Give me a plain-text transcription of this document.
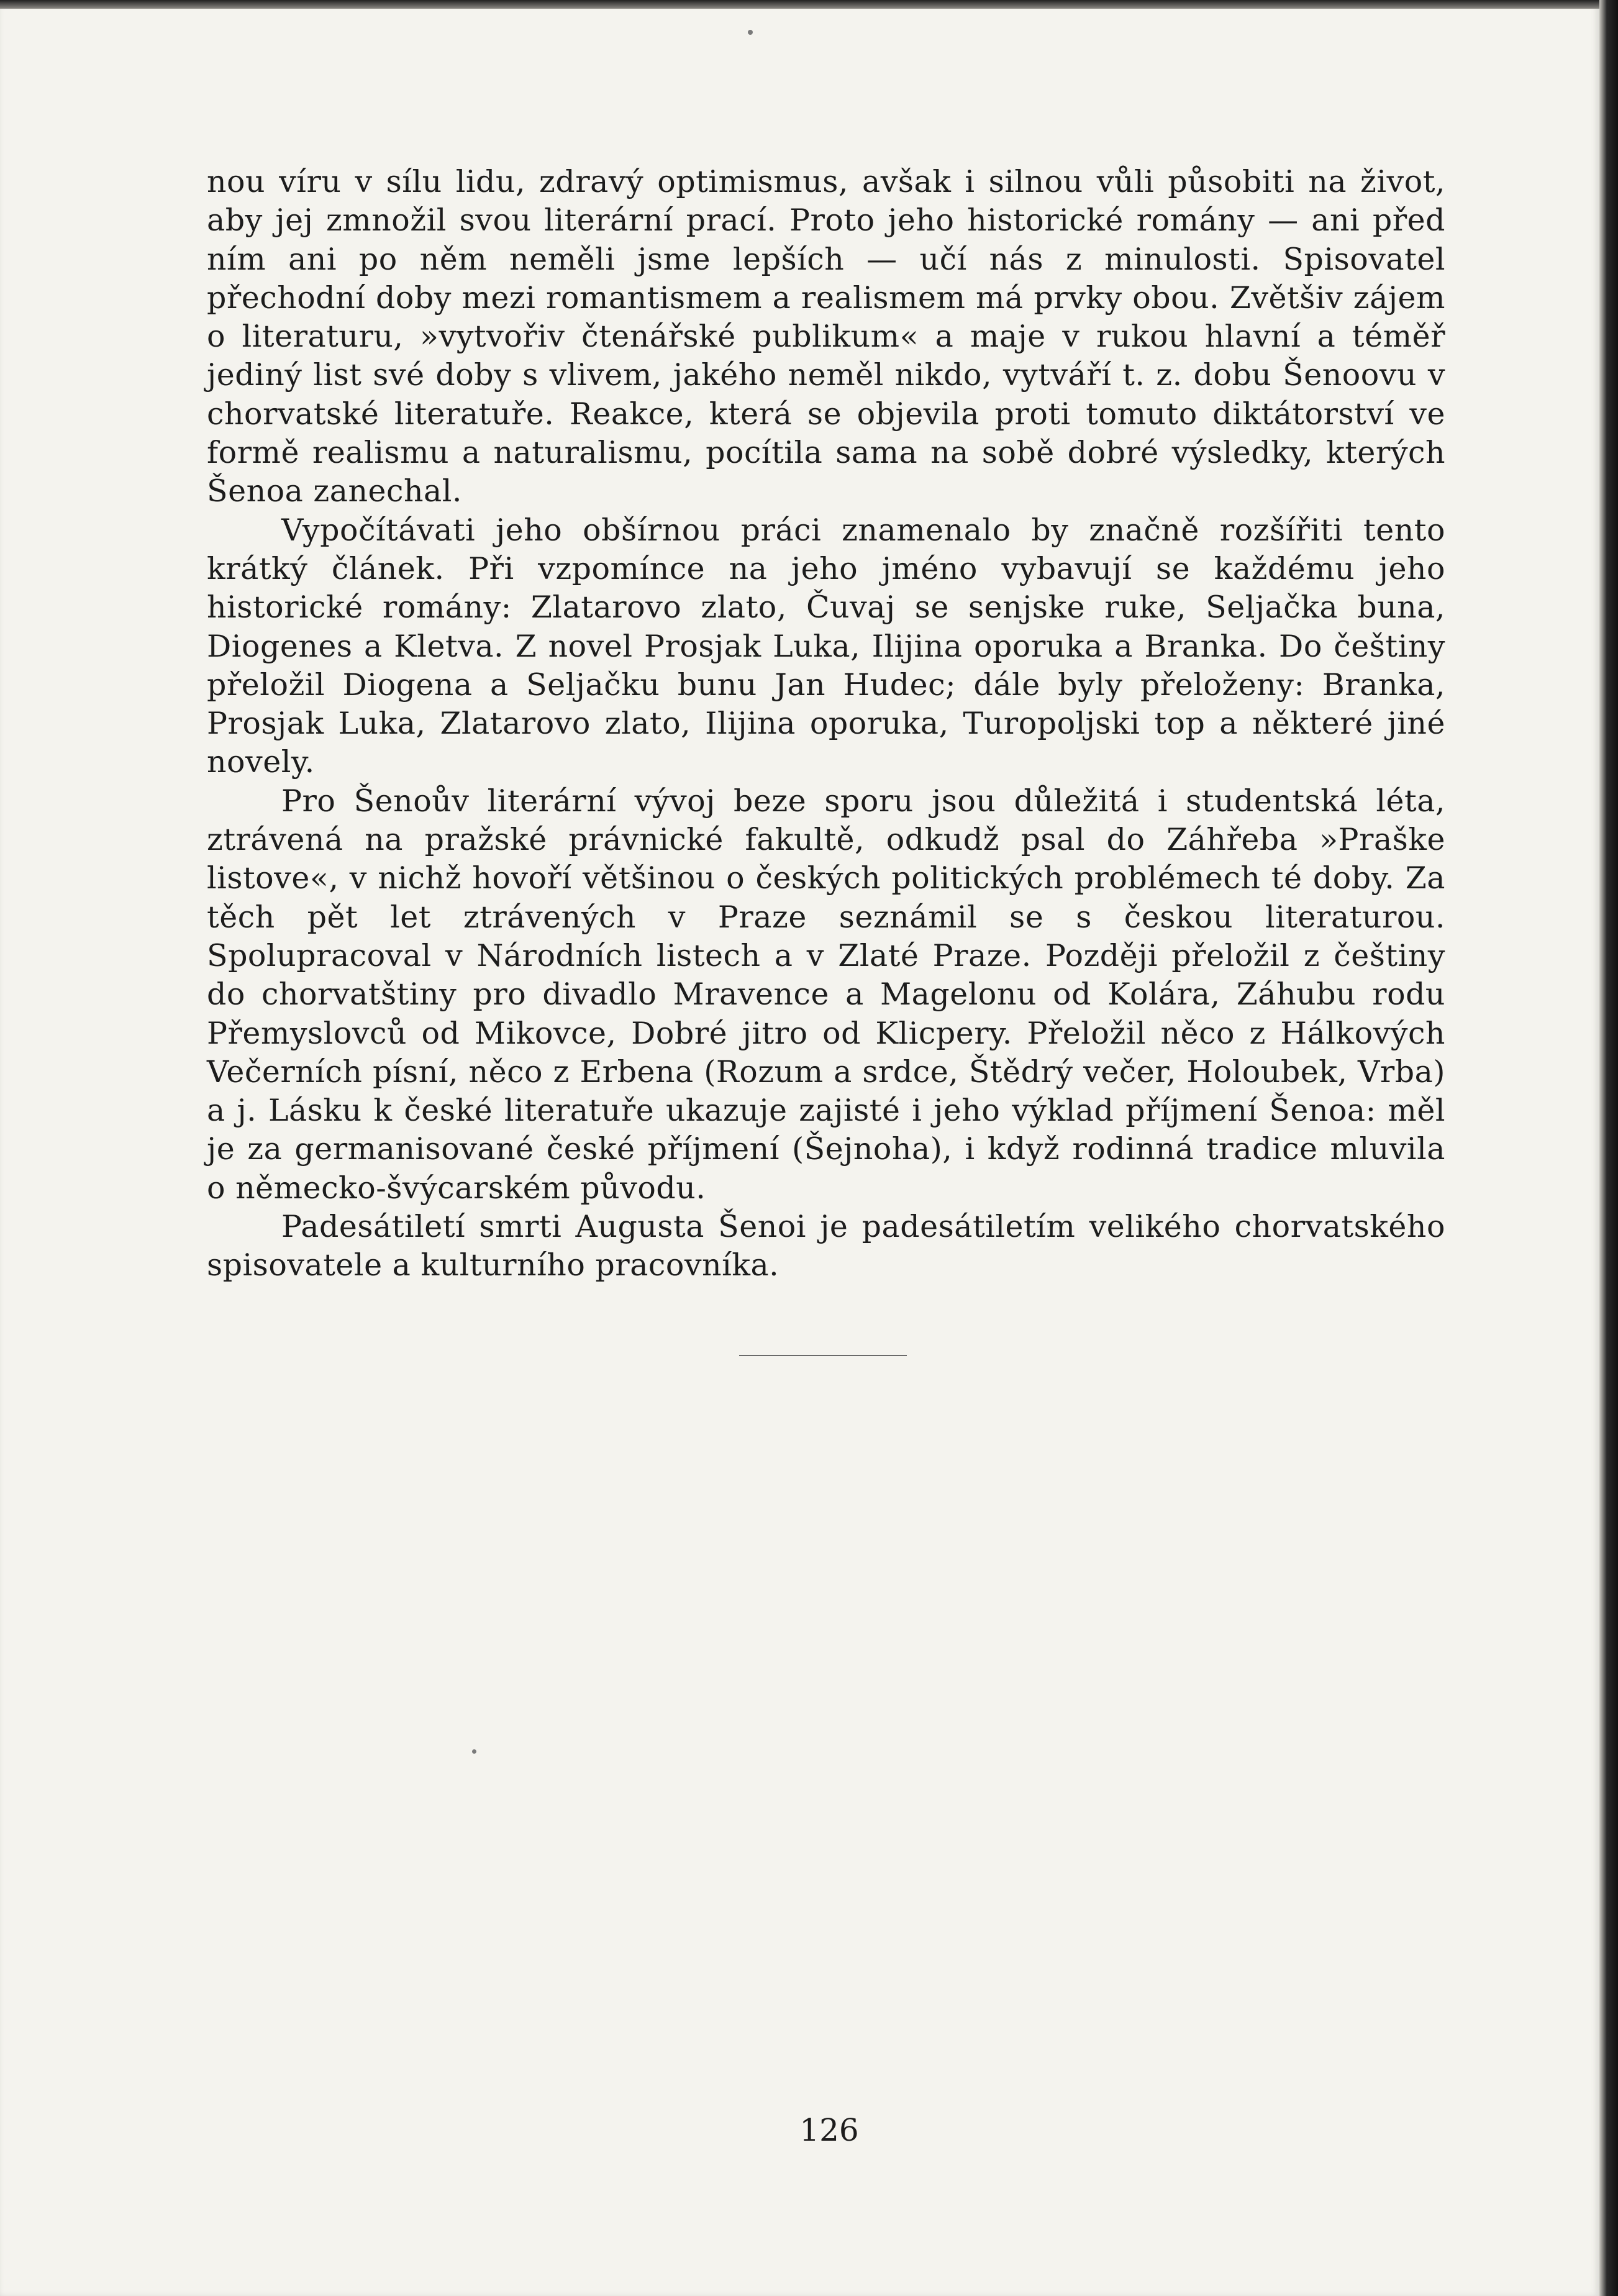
nou víru v sílu lidu, zdravý optimismus, avšak i silnou vůli působiti na život, aby jej zmnožil svou literární prací. Proto jeho historické romány — ani před ním ani po něm neměli jsme lepších — učí nás z minulosti. Spisovatel přechodní doby mezi romantismem a realismem má prvky obou. Zvětšiv zájem o literaturu, »vytvořiv čtenářské publikum« a maje v rukou hlavní a téměř jediný list své doby s vlivem, jakého neměl nikdo, vytváří t. z. dobu Šenoovu v chorvatské literatuře. Reakce, která se objevila proti tomuto diktátorství ve formě realismu a naturalismu, pocítila sama na sobě dobré výsledky, kterých Šenoa zanechal.

Vypočítávati jeho obšírnou práci znamenalo by značně rozšířiti tento krátký článek. Při vzpomínce na jeho jméno vybavují se každému jeho historické romány: Zlatarovo zlato, Čuvaj se senjske ruke, Seljačka buna, Diogenes a Kletva. Z novel Prosjak Luka, Ilijina oporuka a Branka. Do češtiny přeložil Diogena a Seljačku bunu Jan Hudec; dále byly přeloženy: Branka, Prosjak Luka, Zlatarovo zlato, Ilijina oporuka, Turopoljski top a některé jiné novely.

Pro Šenoův literární vývoj beze sporu jsou důležitá i studentská léta, ztrávená na pražské právnické fakultě, odkudž psal do Záhřeba »Praške listove«, v nichž hovoří většinou o českých politických problémech té doby. Za těch pět let ztrávených v Praze seznámil se s českou literaturou. Spolupracoval v Národních listech a v Zlaté Praze. Později přeložil z češtiny do chorvatštiny pro divadlo Mravence a Magelonu od Kolára, Záhubu rodu Přemyslovců od Mikovce, Dobré jitro od Klicpery. Přeložil něco z Hálkových Večerních písní, něco z Erbena (Rozum a srdce, Štědrý večer, Holoubek, Vrba) a j. Lásku k české literatuře ukazuje zajisté i jeho výklad příjmení Šenoa: měl je za germanisované české příjmení (Šejnoha), i když rodinná tradice mluvila o německo-švýcarském původu.

Padesátiletí smrti Augusta Šenoi je padesátiletím velikého chorvatského spisovatele a kulturního pracovníka.

126
